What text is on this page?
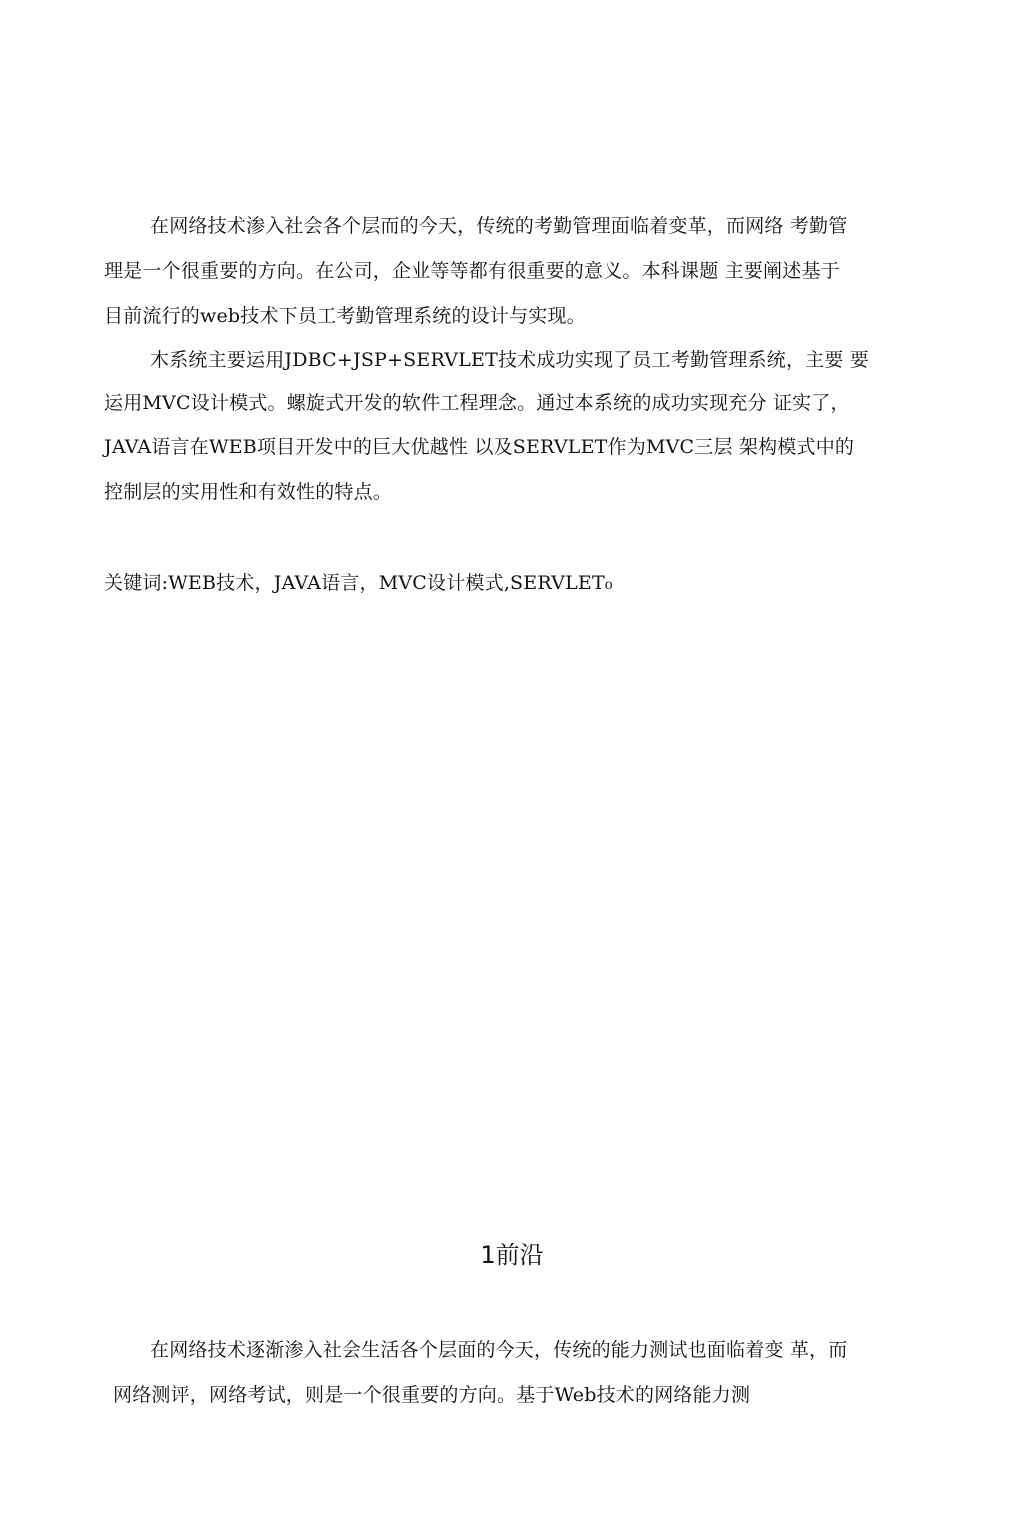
在网络技术渗入社会各个层而的今天，传统的考勤管理面临着变革，而网络 考勤管
理是一个很重要的方向。在公司，企业等等都有很重要的意义。本科课题 主要阐述基于
目前流行的web技术下员工考勤管理系统的设计与实现。
木系统主要运用JDBC+JSP+SERVLET技术成功实现了员工考勤管理系统，主要 要
运用MVC设计模式。螺旋式开发的软件工程理念。通过本系统的成功实现充分 证实了，
JAVA语言在WEB项目开发中的巨大优越性 以及SERVLET作为MVC三层 架构模式中的
控制层的实用性和有效性的特点。
关键词:WEB技术，JAVA语言，MVC设计模式,SERVLET₀
1前沿
在网络技术逐渐渗入社会生活各个层面的今天，传统的能力测试也面临着变 革，而
网络测评，网络考试，则是一个很重要的方向。基于Web技术的网络能力测
